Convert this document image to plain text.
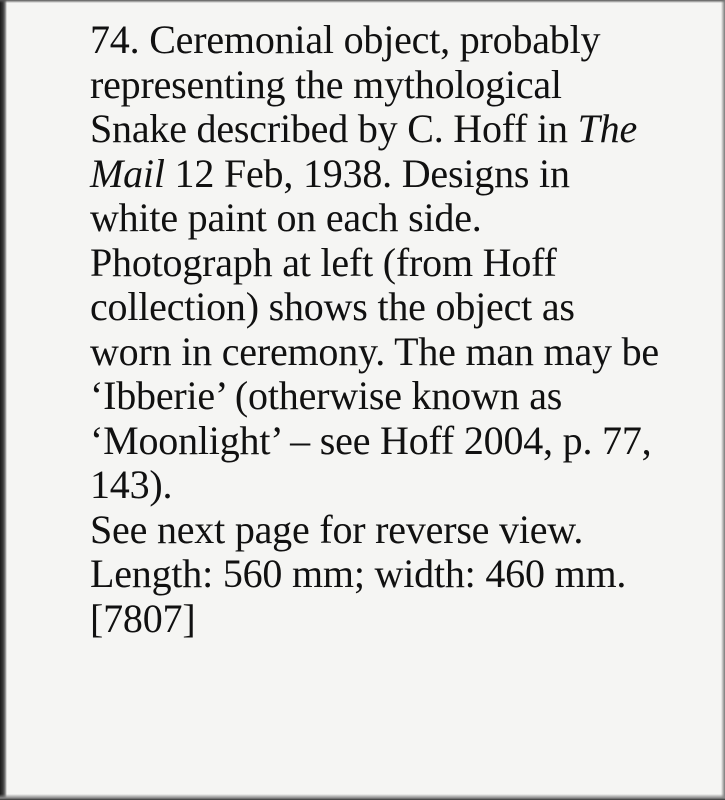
74. Ceremonial object, probably
representing the mythological
Snake described by C. Hoff in The
Mail 12 Feb, 1938. Designs in
white paint on each side.
Photograph at left (from Hoff
collection) shows the object as
worn in ceremony. The man may be
‘Ibberie’ (otherwise known as
‘Moonlight’ – see Hoff 2004, p. 77,
143).
See next page for reverse view.
Length: 560 mm; width: 460 mm.
[7807]
